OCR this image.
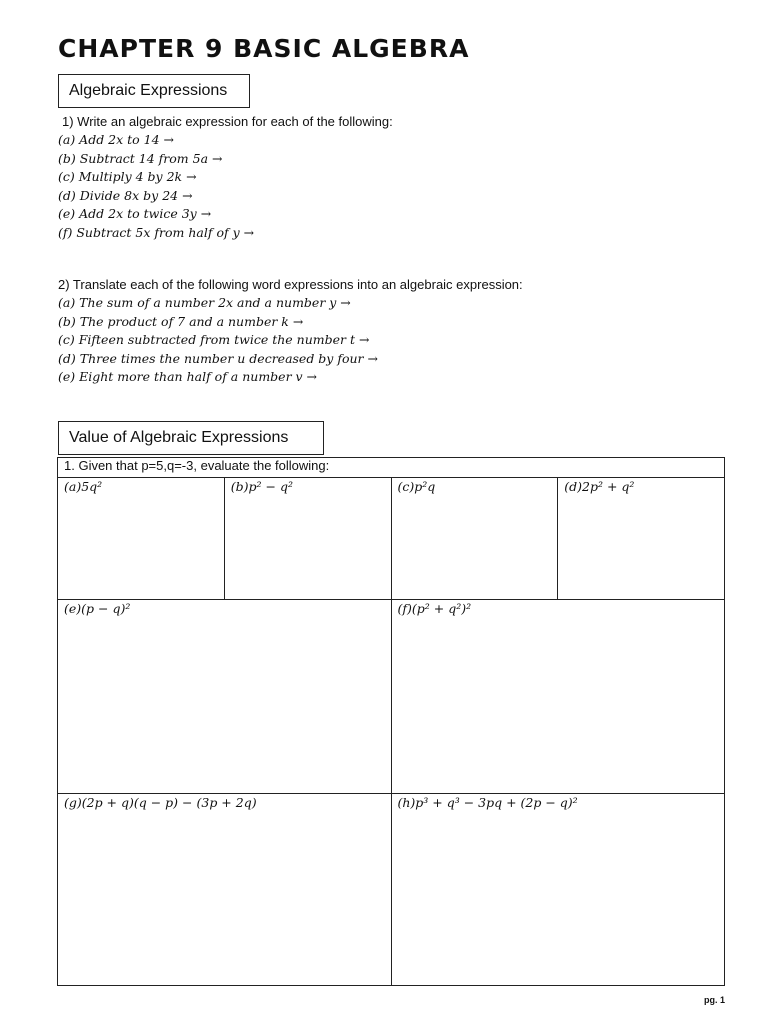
CHAPTER 9 BASIC ALGEBRA
Algebraic Expressions
1) Write an algebraic expression for each of the following:
(a) Add 2x to 14 →
(b) Subtract 14 from 5a →
(c) Multiply 4 by 2k →
(d) Divide 8x by 24 →
(e) Add 2x to twice 3y →
(f) Subtract 5x from half of y →
2) Translate each of the following word expressions into an algebraic expression:
(a) The sum of a number 2x and a number y →
(b) The product of 7 and a number k →
(c) Fifteen subtracted from twice the number t →
(d) Three times the number u decreased by four →
(e) Eight more than half of a number v →
Value of Algebraic Expressions
1. Given that p=5,q=-3, evaluate the following:			
(a)5q²	(b)p² − q²	(c)p²q	(d)2p² + q²
(e)(p − q)²		(f)(p² + q²)²	
(g)(2p + q)(q − p) − (3p + 2q)		(h)p³ + q³ − 3pq + (2p − q)²	
pg. 1
